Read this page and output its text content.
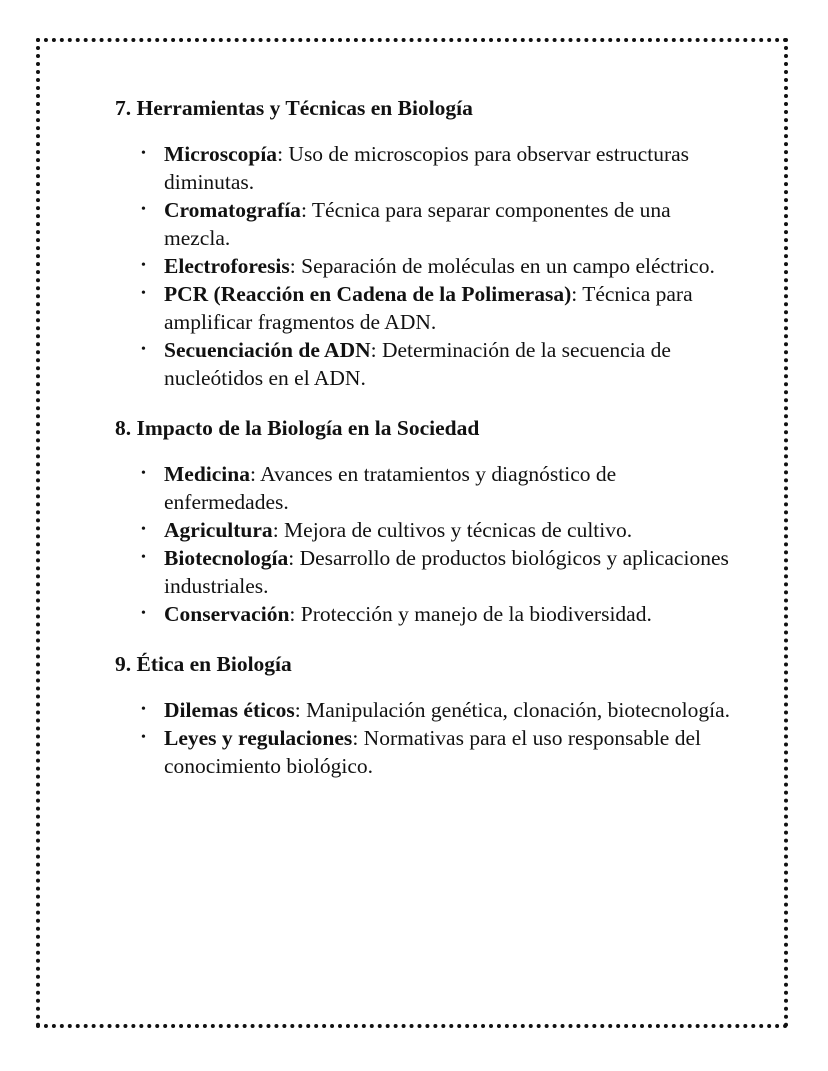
7. Herramientas y Técnicas en Biología
• Microscopía: Uso de microscopios para observar estructuras diminutas.
• Cromatografía: Técnica para separar componentes de una mezcla.
• Electroforesis: Separación de moléculas en un campo eléctrico.
• PCR (Reacción en Cadena de la Polimerasa): Técnica para amplificar fragmentos de ADN.
• Secuenciación de ADN: Determinación de la secuencia de nucleótidos en el ADN.
8. Impacto de la Biología en la Sociedad
• Medicina: Avances en tratamientos y diagnóstico de enfermedades.
• Agricultura: Mejora de cultivos y técnicas de cultivo.
• Biotecnología: Desarrollo de productos biológicos y aplicaciones industriales.
• Conservación: Protección y manejo de la biodiversidad.
9. Ética en Biología
• Dilemas éticos: Manipulación genética, clonación, biotecnología.
• Leyes y regulaciones: Normativas para el uso responsable del conocimiento biológico.
